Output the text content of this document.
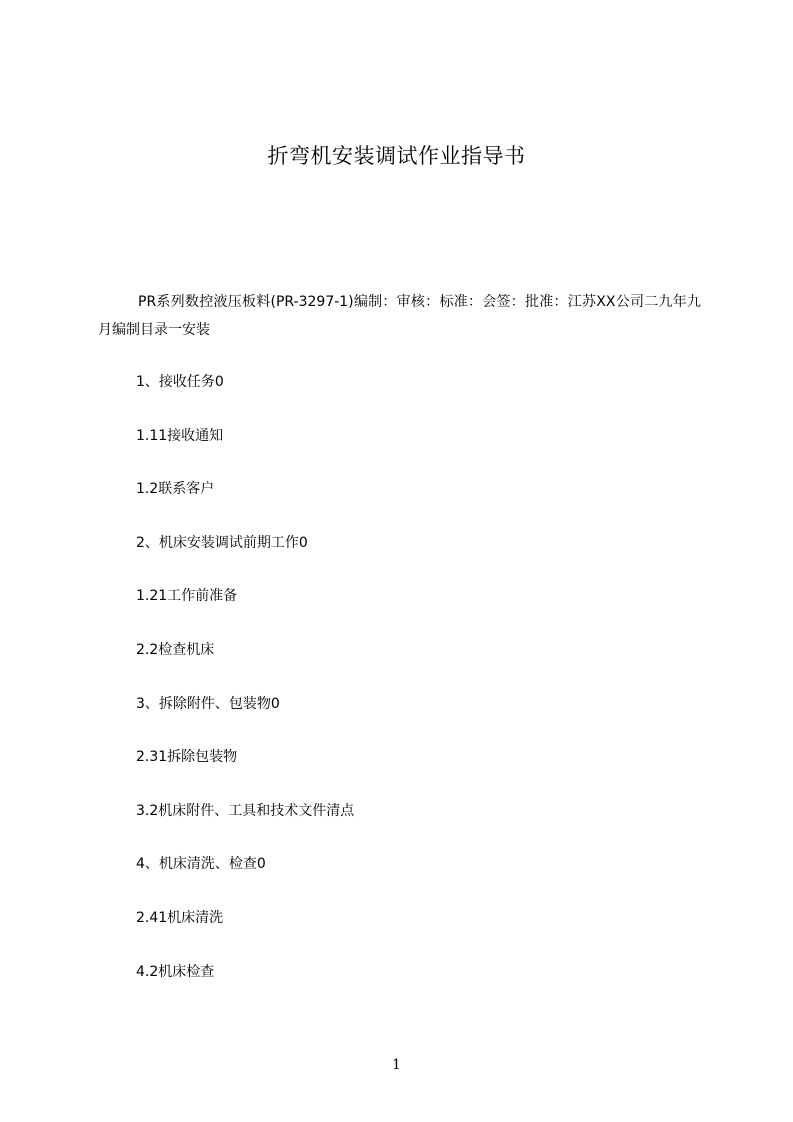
折弯机安装调试作业指导书
PR系列数控液压板料(PR-3297-1)编制：审核：标准：会签：批准：江苏XX公司二九年九月编制目录一安装
1、接收任务0
1.11接收通知
1.2联系客户
2、机床安装调试前期工作0
1.21工作前准备
2.2检查机床
3、拆除附件、包装物0
2.31拆除包装物
3.2机床附件、工具和技术文件清点
4、机床清洗、检查0
2.41机床清洗
4.2机床检查
1
